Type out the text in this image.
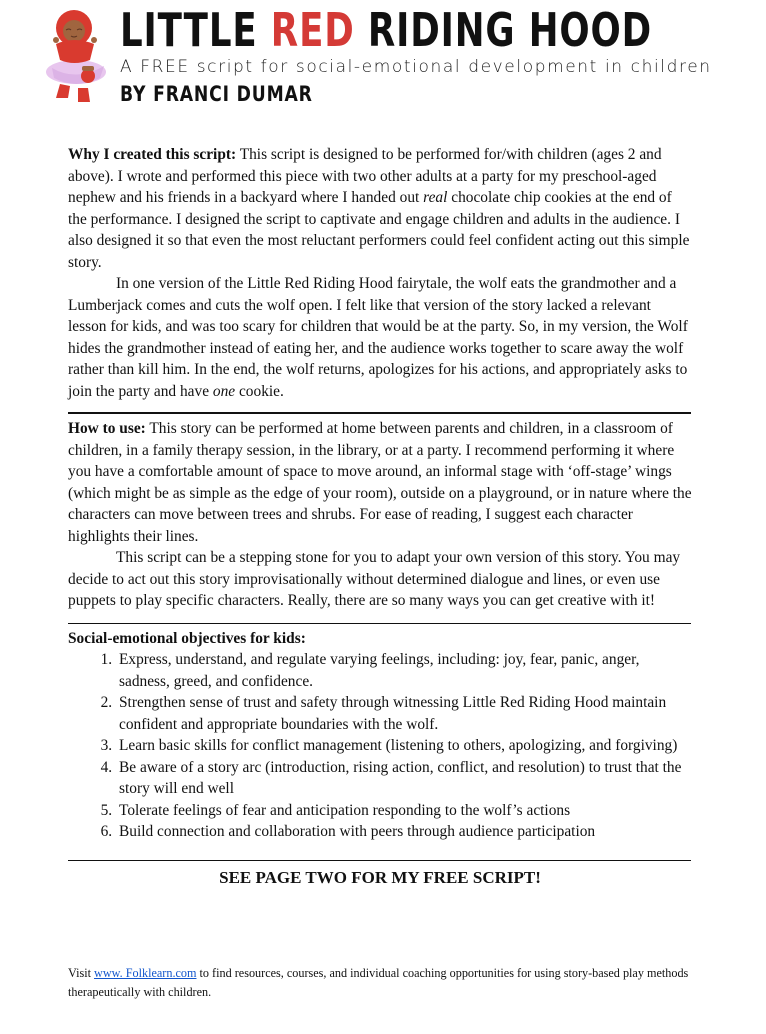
LITTLE RED RIDING HOOD
A FREE script for social-emotional development in children
BY FRANCI DUMAR

Why I created this script: This script is designed to be performed for/with children (ages 2 and above). I wrote and performed this piece with two other adults at a party for my preschool-aged nephew and his friends in a backyard where I handed out real chocolate chip cookies at the end of the performance. I designed the script to captivate and engage children and adults in the audience. I also designed it so that even the most reluctant performers could feel confident acting out this simple story.

In one version of the Little Red Riding Hood fairytale, the wolf eats the grandmother and a Lumberjack comes and cuts the wolf open. I felt like that version of the story lacked a relevant lesson for kids, and was too scary for children that would be at the party. So, in my version, the Wolf hides the grandmother instead of eating her, and the audience works together to scare away the wolf rather than kill him. In the end, the wolf returns, apologizes for his actions, and appropriately asks to join the party and have one cookie.

How to use: This story can be performed at home between parents and children, in a classroom of children, in a family therapy session, in the library, or at a party. I recommend performing it where you have a comfortable amount of space to move around, an informal stage with ‘off-stage’ wings (which might be as simple as the edge of your room), outside on a playground, or in nature where the characters can move between trees and shrubs. For ease of reading, I suggest each character highlights their lines.

This script can be a stepping stone for you to adapt your own version of this story. You may decide to act out this story improvisationally without determined dialogue and lines, or even use puppets to play specific characters. Really, there are so many ways you can get creative with it!

Social-emotional objectives for kids:

1. Express, understand, and regulate varying feelings, including: joy, fear, panic, anger, sadness, greed, and confidence.
2. Strengthen sense of trust and safety through witnessing Little Red Riding Hood maintain confident and appropriate boundaries with the wolf.
3. Learn basic skills for conflict management (listening to others, apologizing, and forgiving)
4. Be aware of a story arc (introduction, rising action, conflict, and resolution) to trust that the story will end well
5. Tolerate feelings of fear and anticipation responding to the wolf’s actions
6. Build connection and collaboration with peers through audience participation

SEE PAGE TWO FOR MY FREE SCRIPT!

Visit www. Folklearn.com to find resources, courses, and individual coaching opportunities for using story-based play methods therapeutically with children.
